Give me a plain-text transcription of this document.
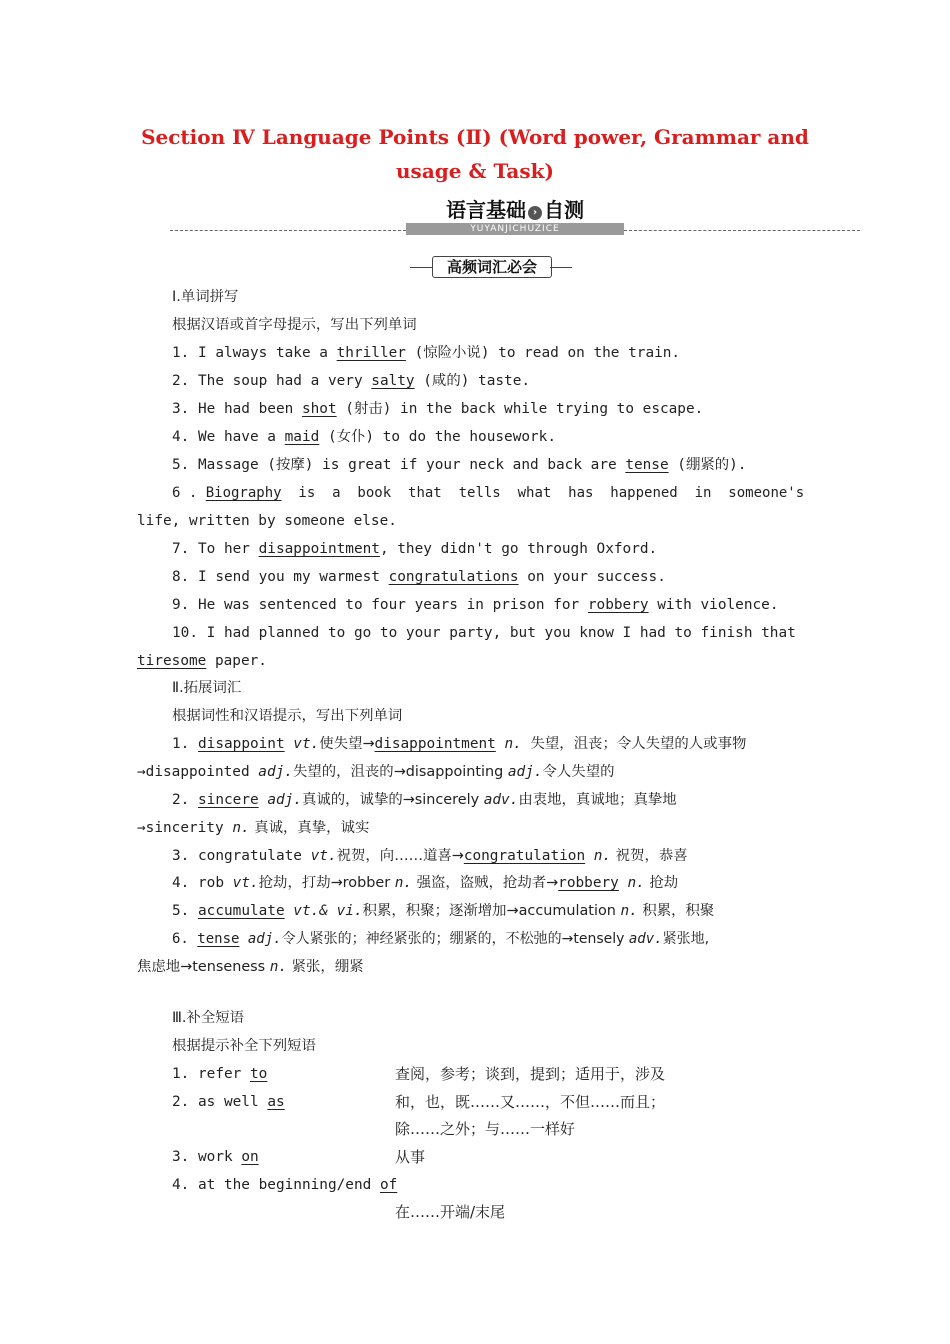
Section Ⅳ Language Points (Ⅱ) (Word power, Grammar and
usage & Task)
语言基础 › 自测
YUYANJICHUZICE
高频词汇必会
Ⅰ.单词拼写
根据汉语或首字母提示，写出下列单词
1. I always take a thriller (惊险小说) to read on the train.
2. The soup had a very salty (咸的) taste.
3. He had been shot (射击) in the back while trying to escape.
4. We have a maid (女仆) to do the housework.
5. Massage (按摩) is great if your neck and back are tense (绷紧的).
6 . Biography  is  a  book  that  tells  what  has  happened  in  someone's
life, written by someone else.
7. To her disappointment, they didn't go through Oxford.
8. I send you my warmest congratulations on your success.
9. He was sentenced to four years in prison for robbery with violence.
10. I had planned to go to your party, but you know I had to finish that
tiresome paper.
Ⅱ.拓展词汇
根据词性和汉语提示，写出下列单词
1. disappoint vt.使失望→disappointment n. 失望，沮丧；令人失望的人或事物
→disappointed adj.失望的，沮丧的→disappointing adj.令人失望的
2. sincere adj.真诚的，诚挚的→sincerely adv.由衷地，真诚地；真挚地
→sincerity n. 真诚，真挚，诚实
3. congratulate vt.祝贺，向……道喜→congratulation n. 祝贺，恭喜
4. rob vt.抢劫，打劫→robber n. 强盗，盗贼，抢劫者→robbery n. 抢劫
5. accumulate vt.& vi.积累，积聚；逐渐增加→accumulation n. 积累，积聚
6. tense adj.令人紧张的；神经紧张的；绷紧的，不松弛的→tensely adv.紧张地,
焦虑地→tenseness n. 紧张，绷紧
Ⅲ.补全短语
根据提示补全下列短语
1. refer to	查阅，参考；谈到，提到；适用于，涉及
2. as well as	和，也，既……又……，不但……而且；
除……之外；与……一样好
3. work on	从事
4. at the beginning/end of
在……开端/末尾
